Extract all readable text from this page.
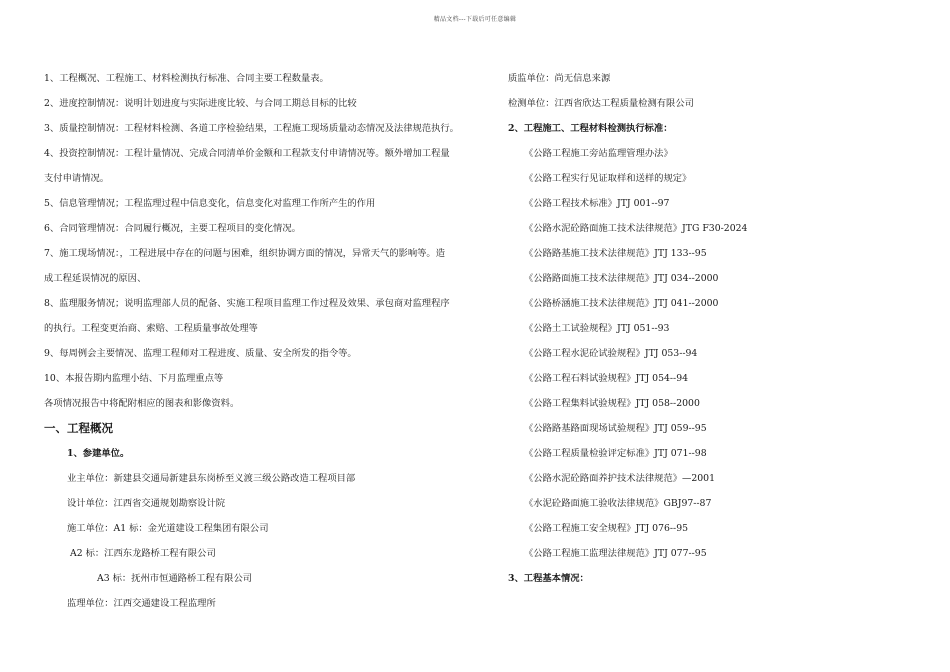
精品文档---下载后可任意编辑
1、工程概况、工程施工、材料检测执行标准、合同主要工程数量表。
2、进度控制情况：说明计划进度与实际进度比较、与合同工期总目标的比较
3、质量控制情况：工程材料检测、各道工序检验结果，工程施工现场质量动态情况及法律规范执行。
4、投资控制情况：工程计量情况、完成合同清单价金额和工程款支付申请情况等。额外增加工程量
支付申请情况。
5、信息管理情况；工程监理过程中信息变化，信息变化对监理工作所产生的作用
6、合同管理情况：合同履行概况，主要工程项目的变化情况。
7、施工现场情况：，工程进展中存在的问题与困难，组织协调方面的情况，异常天气的影响等。造
成工程延误情况的原因、
8、监理服务情况；说明监理部人员的配备、实施工程项目监理工作过程及效果、承包商对监理程序
的执行。工程变更治商、索赔、工程质量事故处理等
9、每周例会主要情况、监理工程师对工程进度、质量、安全所发的指令等。
10、本报告期内监理小结、下月监理重点等
各项情况报告中将配附相应的图表和影像资料。
一、工程概况
1、参建单位。
业主单位：新建县交通局新建县东岗桥至义渡三级公路改造工程项目部
设计单位：江西省交通规划勘察设计院
施工单位：A1 标：金光道建设工程集团有限公司
A2 标：江西东龙路桥工程有限公司
A3 标：抚州市恒通路桥工程有限公司
监理单位：江西交通建设工程监理所
质监单位：尚无信息来源
检测单位：江西省欣达工程质量检测有限公司
2、工程施工、工程材料检测执行标准：
《公路工程施工旁站监理管理办法》
《公路工程实行见证取样和送样的规定》
《公路工程技术标准》JTJ 001--97
《公路水泥砼路面施工技术法律规范》JTG F30-2024
《公路路基施工技术法律规范》JTJ 133--95
《公路路面施工技术法律规范》JTJ 034--2000
《公路桥涵施工技术法律规范》JTJ 041--2000
《公路土工试验规程》JTJ 051--93
《公路工程水泥砼试验规程》JTJ 053--94
《公路工程石料试验规程》JTJ 054--94
《公路工程集料试验规程》JTJ 058--2000
《公路路基路面现场试验规程》JTJ 059--95
《公路工程质量检验评定标准》JTJ 071--98
《公路水泥砼路面养护技术法律规范》—2001
《水泥砼路面施工验收法律规范》GBJ97--87
《公路工程施工安全规程》JTJ 076--95
《公路工程施工监理法律规范》JTJ 077--95
3、工程基本情况：
